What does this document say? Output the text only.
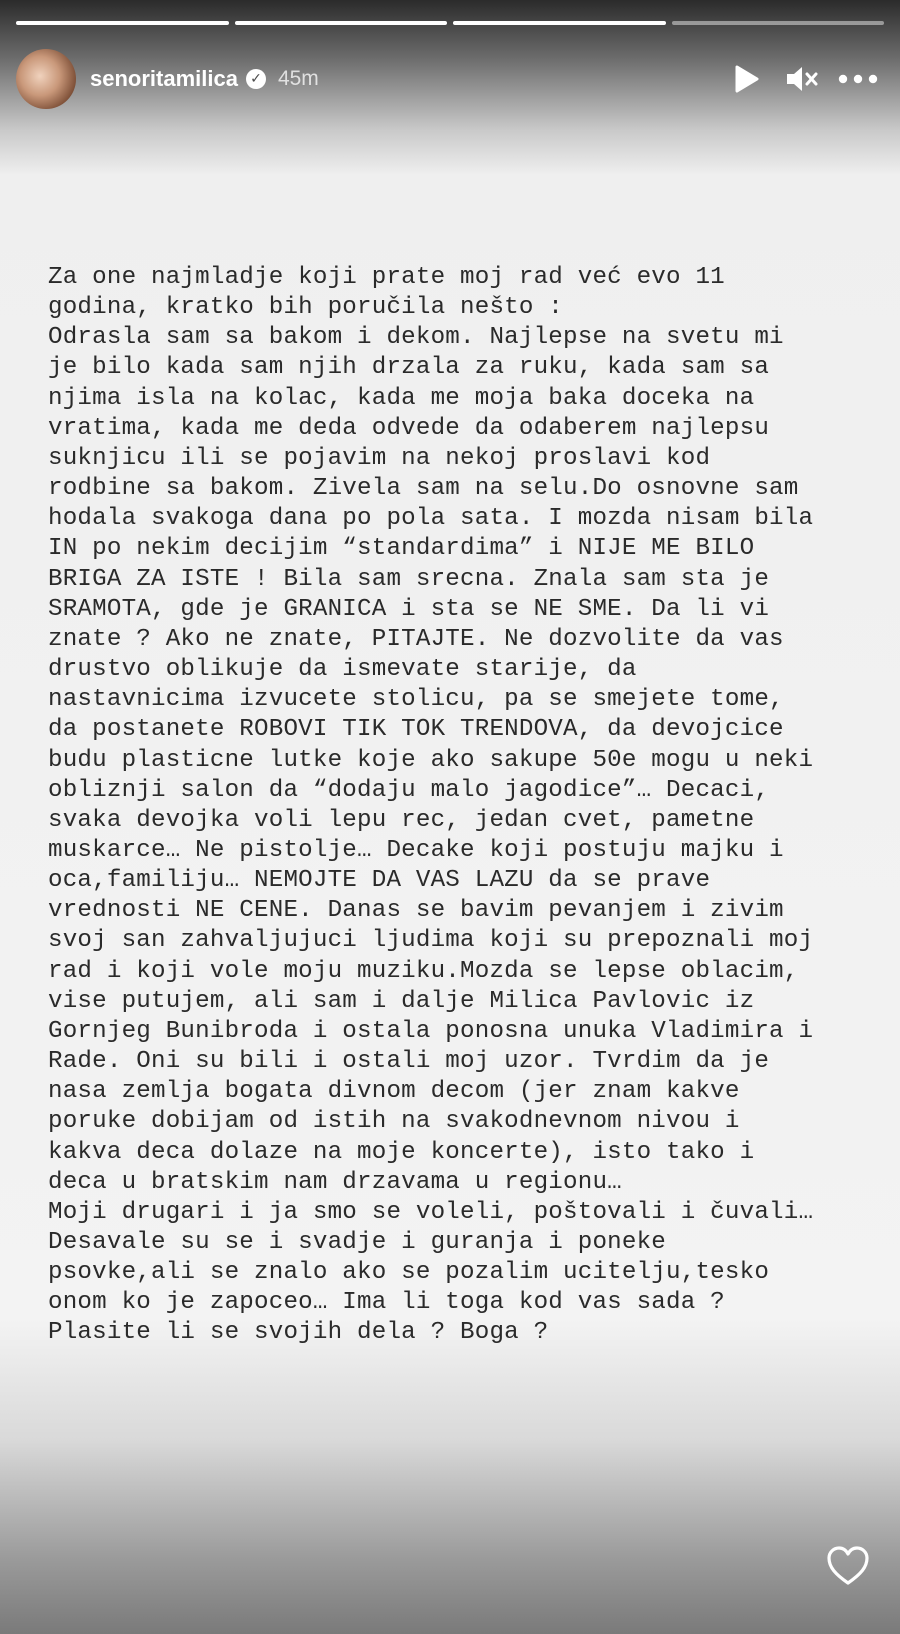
senoritamilica ✓ 45m
Za one najmladje koji prate moj rad već evo 11
godina, kratko bih poručila nešto :
Odrasla sam sa bakom i dekom. Najlepse na svetu mi
je bilo kada sam njih drzala za ruku, kada sam sa
njima isla na kolac, kada me moja baka doceka na
vratima, kada me deda odvede da odaberem najlepsu
suknjicu ili se pojavim na nekoj proslavi kod
rodbine sa bakom. Zivela sam na selu.Do osnovne sam
hodala svakoga dana po pola sata. I mozda nisam bila
IN po nekim decijim “standardima” i NIJE ME BILO
BRIGA ZA ISTE ! Bila sam srecna. Znala sam sta je
SRAMOTA, gde je GRANICA i sta se NE SME. Da li vi
znate ? Ako ne znate, PITAJTE. Ne dozvolite da vas
drustvo oblikuje da ismevate starije, da
nastavnicima izvucete stolicu, pa se smejete tome,
da postanete ROBOVI TIK TOK TRENDOVA, da devojcice
budu plasticne lutke koje ako sakupe 50e mogu u neki
obliznji salon da “dodaju malo jagodice”… Decaci,
svaka devojka voli lepu rec, jedan cvet, pametne
muskarce… Ne pistolje… Decake koji postuju majku i
oca,familiju… NEMOJTE DA VAS LAZU da se prave
vrednosti NE CENE. Danas se bavim pevanjem i zivim
svoj san zahvaljujuci ljudima koji su prepoznali moj
rad i koji vole moju muziku.Mozda se lepse oblacim,
vise putujem, ali sam i dalje Milica Pavlovic iz
Gornjeg Bunibroda i ostala ponosna unuka Vladimira i
Rade. Oni su bili i ostali moj uzor. Tvrdim da je
nasa zemlja bogata divnom decom (jer znam kakve
poruke dobijam od istih na svakodnevnom nivou i
kakva deca dolaze na moje koncerte), isto tako i
deca u bratskim nam drzavama u regionu…
Moji drugari i ja smo se voleli, poštovali i čuvali…
Desavale su se i svadje i guranja i poneke
psovke,ali se znalo ako se pozalim ucitelju,tesko
onom ko je zapoceo… Ima li toga kod vas sada ?
Plasite li se svojih dela ? Boga ?
